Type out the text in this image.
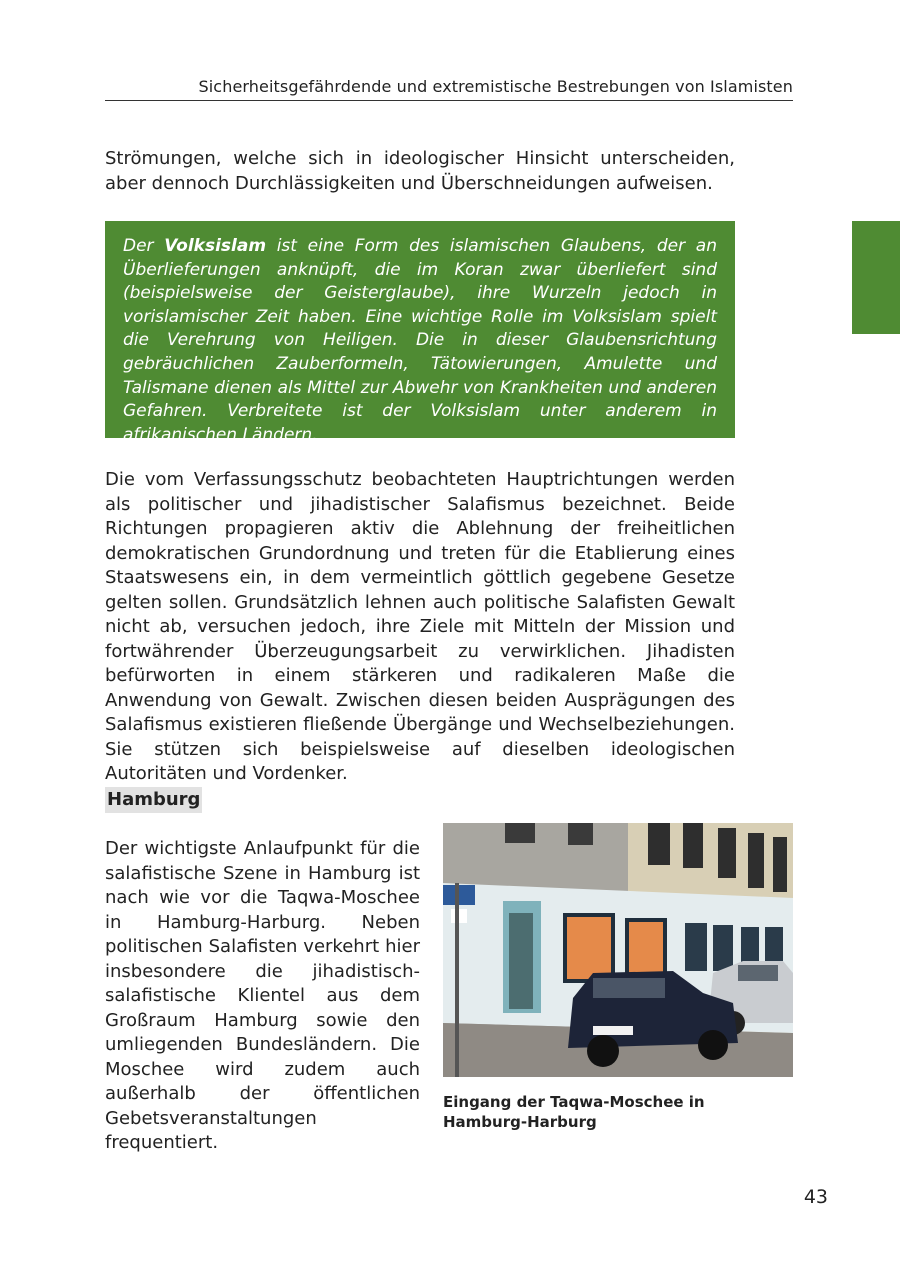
Sicherheitsgefährdende und extremistische Bestrebungen von Islamisten

Strömungen, welche sich in ideologischer Hinsicht unterscheiden, aber dennoch Durchlässigkeiten und Überschneidungen aufweisen.

Der Volksislam ist eine Form des islamischen Glaubens, der an Überlieferungen anknüpft, die im Koran zwar überliefert sind (beispielsweise der Geisterglaube), ihre Wurzeln jedoch in vorislamischer Zeit haben. Eine wichtige Rolle im Volksislam spielt die Verehrung von Heiligen. Die in dieser Glaubensrichtung gebräuchlichen Zauberformeln, Tätowierungen, Amulette und Talismane dienen als Mittel zur Abwehr von Krankheiten und anderen Gefahren. Verbreitete ist der Volksislam unter anderem in afrikanischen Ländern.

Die vom Verfassungsschutz beobachteten Hauptrichtungen werden als politischer und jihadistischer Salafismus bezeichnet. Beide Richtungen propagieren aktiv die Ablehnung der freiheitlichen demokratischen Grundordnung und treten für die Etablierung eines Staatswesens ein, in dem vermeintlich göttlich gegebene Gesetze gelten sollen. Grundsätzlich lehnen auch politische Salafisten Gewalt nicht ab, versuchen jedoch, ihre Ziele mit Mitteln der Mission und fortwährender Überzeugungsarbeit zu verwirklichen. Jihadisten befürworten in einem stärkeren und radikaleren Maße die Anwendung von Gewalt. Zwischen diesen beiden Ausprägungen des Salafismus existieren fließende Übergänge und Wechselbeziehungen. Sie stützen sich beispielsweise auf dieselben ideologischen Autoritäten und Vordenker.

Hamburg

Der wichtigste Anlaufpunkt für die salafistische Szene in Hamburg ist nach wie vor die Taqwa-Moschee in Hamburg-Harburg. Neben politischen Salafisten verkehrt hier insbesondere die jihadistisch-salafistische Klientel aus dem Großraum Hamburg sowie den umliegenden Bundesländern. Die Moschee wird zudem auch außerhalb der öffentlichen Gebetsveranstaltungen frequentiert.

Eingang der Taqwa-Moschee in Hamburg-Harburg

43
